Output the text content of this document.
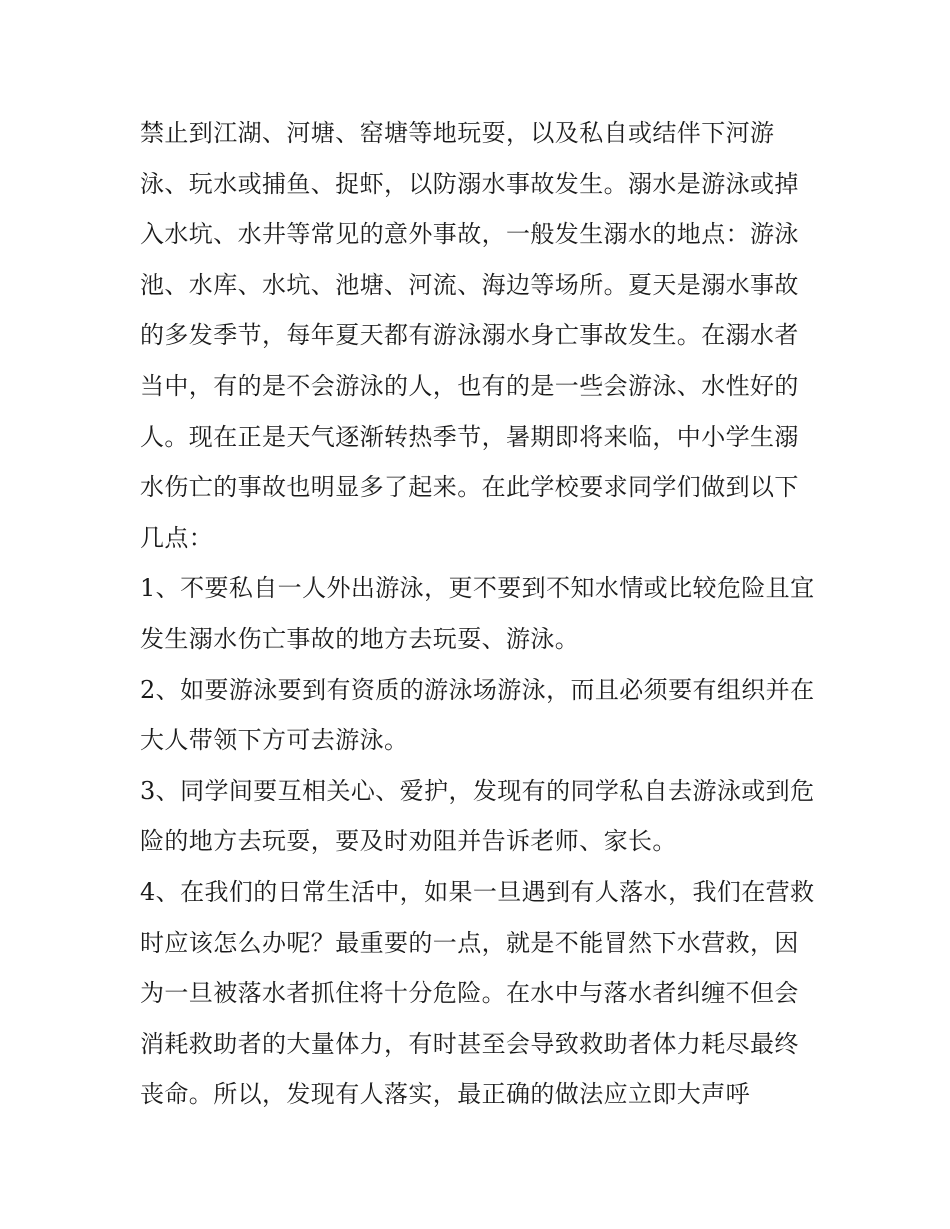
禁止到江湖、河塘、窑塘等地玩耍，以及私自或结伴下河游泳、玩水或捕鱼、捉虾，以防溺水事故发生。溺水是游泳或掉入水坑、水井等常见的意外事故，一般发生溺水的地点：游泳池、水库、水坑、池塘、河流、海边等场所。夏天是溺水事故的多发季节，每年夏天都有游泳溺水身亡事故发生。在溺水者当中，有的是不会游泳的人，也有的是一些会游泳、水性好的人。现在正是天气逐渐转热季节，暑期即将来临，中小学生溺水伤亡的事故也明显多了起来。在此学校要求同学们做到以下几点：

1、不要私自一人外出游泳，更不要到不知水情或比较危险且宜发生溺水伤亡事故的地方去玩耍、游泳。

2、如要游泳要到有资质的游泳场游泳，而且必须要有组织并在大人带领下方可去游泳。

3、同学间要互相关心、爱护，发现有的同学私自去游泳或到危险的地方去玩耍，要及时劝阻并告诉老师、家长。

4、在我们的日常生活中，如果一旦遇到有人落水，我们在营救时应该怎么办呢？最重要的一点，就是不能冒然下水营救，因为一旦被落水者抓住将十分危险。在水中与落水者纠缠不但会消耗救助者的大量体力，有时甚至会导致救助者体力耗尽最终丧命。所以，发现有人落实，最正确的做法应立即大声呼
